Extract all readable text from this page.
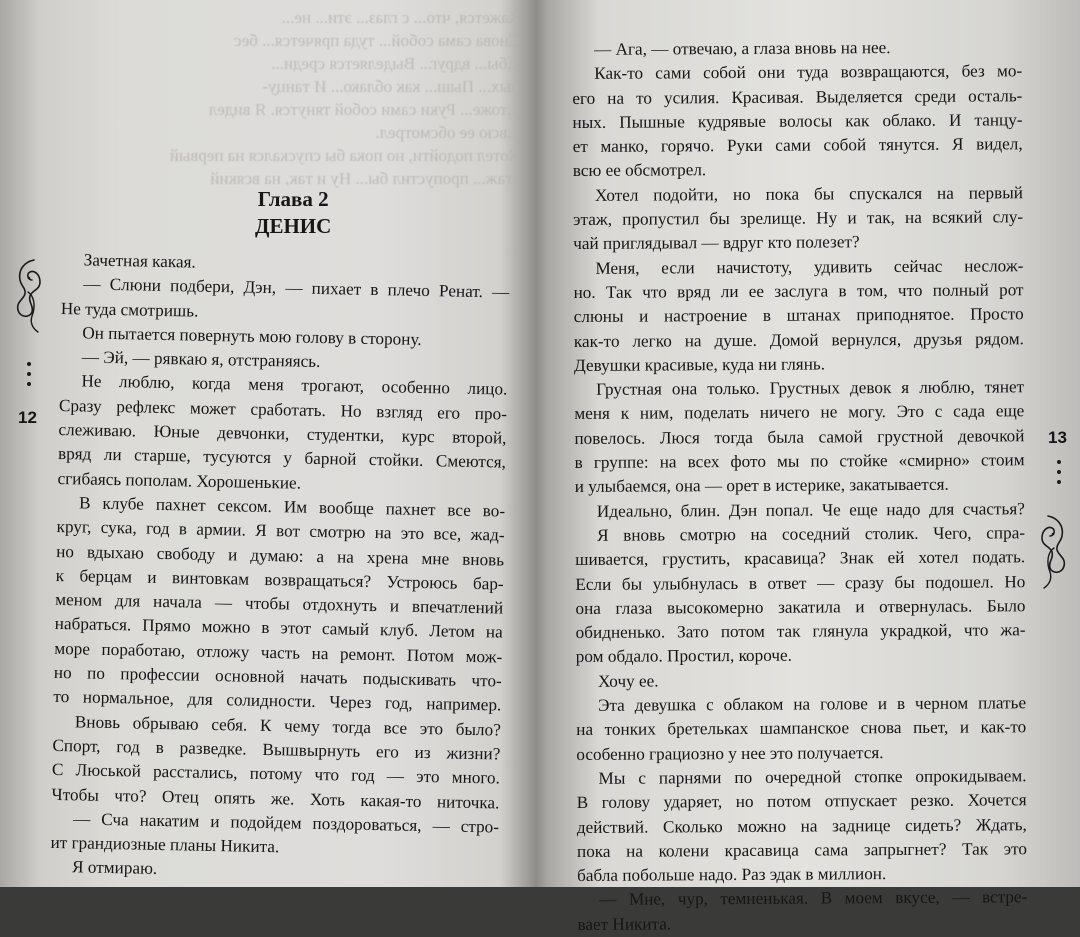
Кажется, что... с глаз... эти... не...
Снова сама собой... туда прячется... бес
...бы... вдруг... Выделяется среди...
ных... Пыш... как облако... И танцу-
...тоже... Руки сами собой тянутся. Я видел
...всю ее обсмотрел.
Хотел подойти, но пока бы спускался на первый
этаж... пропустил бы... Ну и так, на всякий
Глава 2
ДЕНИС
12
Зачетная какая.
— Слюни подбери, Дэн, — пихает в плечо Ренат. —
Не туда смотришь.
Он пытается повернуть мою голову в сторону.
— Эй, — рявкаю я, отстраняясь.
Не люблю, когда меня трогают, особенно лицо.
Сразу рефлекс может сработать. Но взгляд его про-
слеживаю. Юные девчонки, студентки, курс второй,
вряд ли старше, тусуются у барной стойки. Смеются,
сгибаясь пополам. Хорошенькие.
В клубе пахнет сексом. Им вообще пахнет все во-
круг, сука, год в армии. Я вот смотрю на это все, жад-
но вдыхаю свободу и думаю: а на хрена мне вновь
к берцам и винтовкам возвращаться? Устроюсь бар-
меном для начала — чтобы отдохнуть и впечатлений
набраться. Прямо можно в этот самый клуб. Летом на
море поработаю, отложу часть на ремонт. Потом мож-
но по профессии основной начать подыскивать что-
то нормальное, для солидности. Через год, например.
Вновь обрываю себя. К чему тогда все это было?
Спорт, год в разведке. Вышвырнуть его из жизни?
С Люськой расстались, потому что год — это много.
Чтобы что? Отец опять же. Хоть какая-то ниточка.
— Сча накатим и подойдем поздороваться, — стро-
ит грандиозные планы Никита.
Я отмираю.
— Ага, — отвечаю, а глаза вновь на нее.
Как-то сами собой они туда возвращаются, без мо-
его на то усилия. Красивая. Выделяется среди осталь-
ных. Пышные кудрявые волосы как облако. И танцу-
ет манко, горячо. Руки сами собой тянутся. Я видел,
всю ее обсмотрел.
Хотел подойти, но пока бы спускался на первый
этаж, пропустил бы зрелище. Ну и так, на всякий слу-
чай приглядывал — вдруг кто полезет?
Меня, если начистоту, удивить сейчас неслож-
но. Так что вряд ли ее заслуга в том, что полный рот
слюны и настроение в штанах приподнятое. Просто
как-то легко на душе. Домой вернулся, друзья рядом.
Девушки красивые, куда ни глянь.
Грустная она только. Грустных девок я люблю, тянет
меня к ним, поделать ничего не могу. Это с сада еще
повелось. Люся тогда была самой грустной девочкой
в группе: на всех фото мы по стойке «смирно» стоим
и улыбаемся, она — орет в истерике, закатывается.
Идеально, блин. Дэн попал. Че еще надо для счастья?
Я вновь смотрю на соседний столик. Чего, спра-
шивается, грустить, красавица? Знак ей хотел подать.
Если бы улыбнулась в ответ — сразу бы подошел. Но
она глаза высокомерно закатила и отвернулась. Было
обидненько. Зато потом так глянула украдкой, что жа-
ром обдало. Простил, короче.
Хочу ее.
Эта девушка с облаком на голове и в черном платье
на тонких бретельках шампанское снова пьет, и как-то
особенно грациозно у нее это получается.
Мы с парнями по очередной стопке опрокидываем.
В голову ударяет, но потом отпускает резко. Хочется
действий. Сколько можно на заднице сидеть? Ждать,
пока на колени красавица сама запрыгнет? Так это
бабла побольше надо. Раз эдак в миллион.
— Мне, чур, темненькая. В моем вкусе, — встре-
вает Никита.
13
